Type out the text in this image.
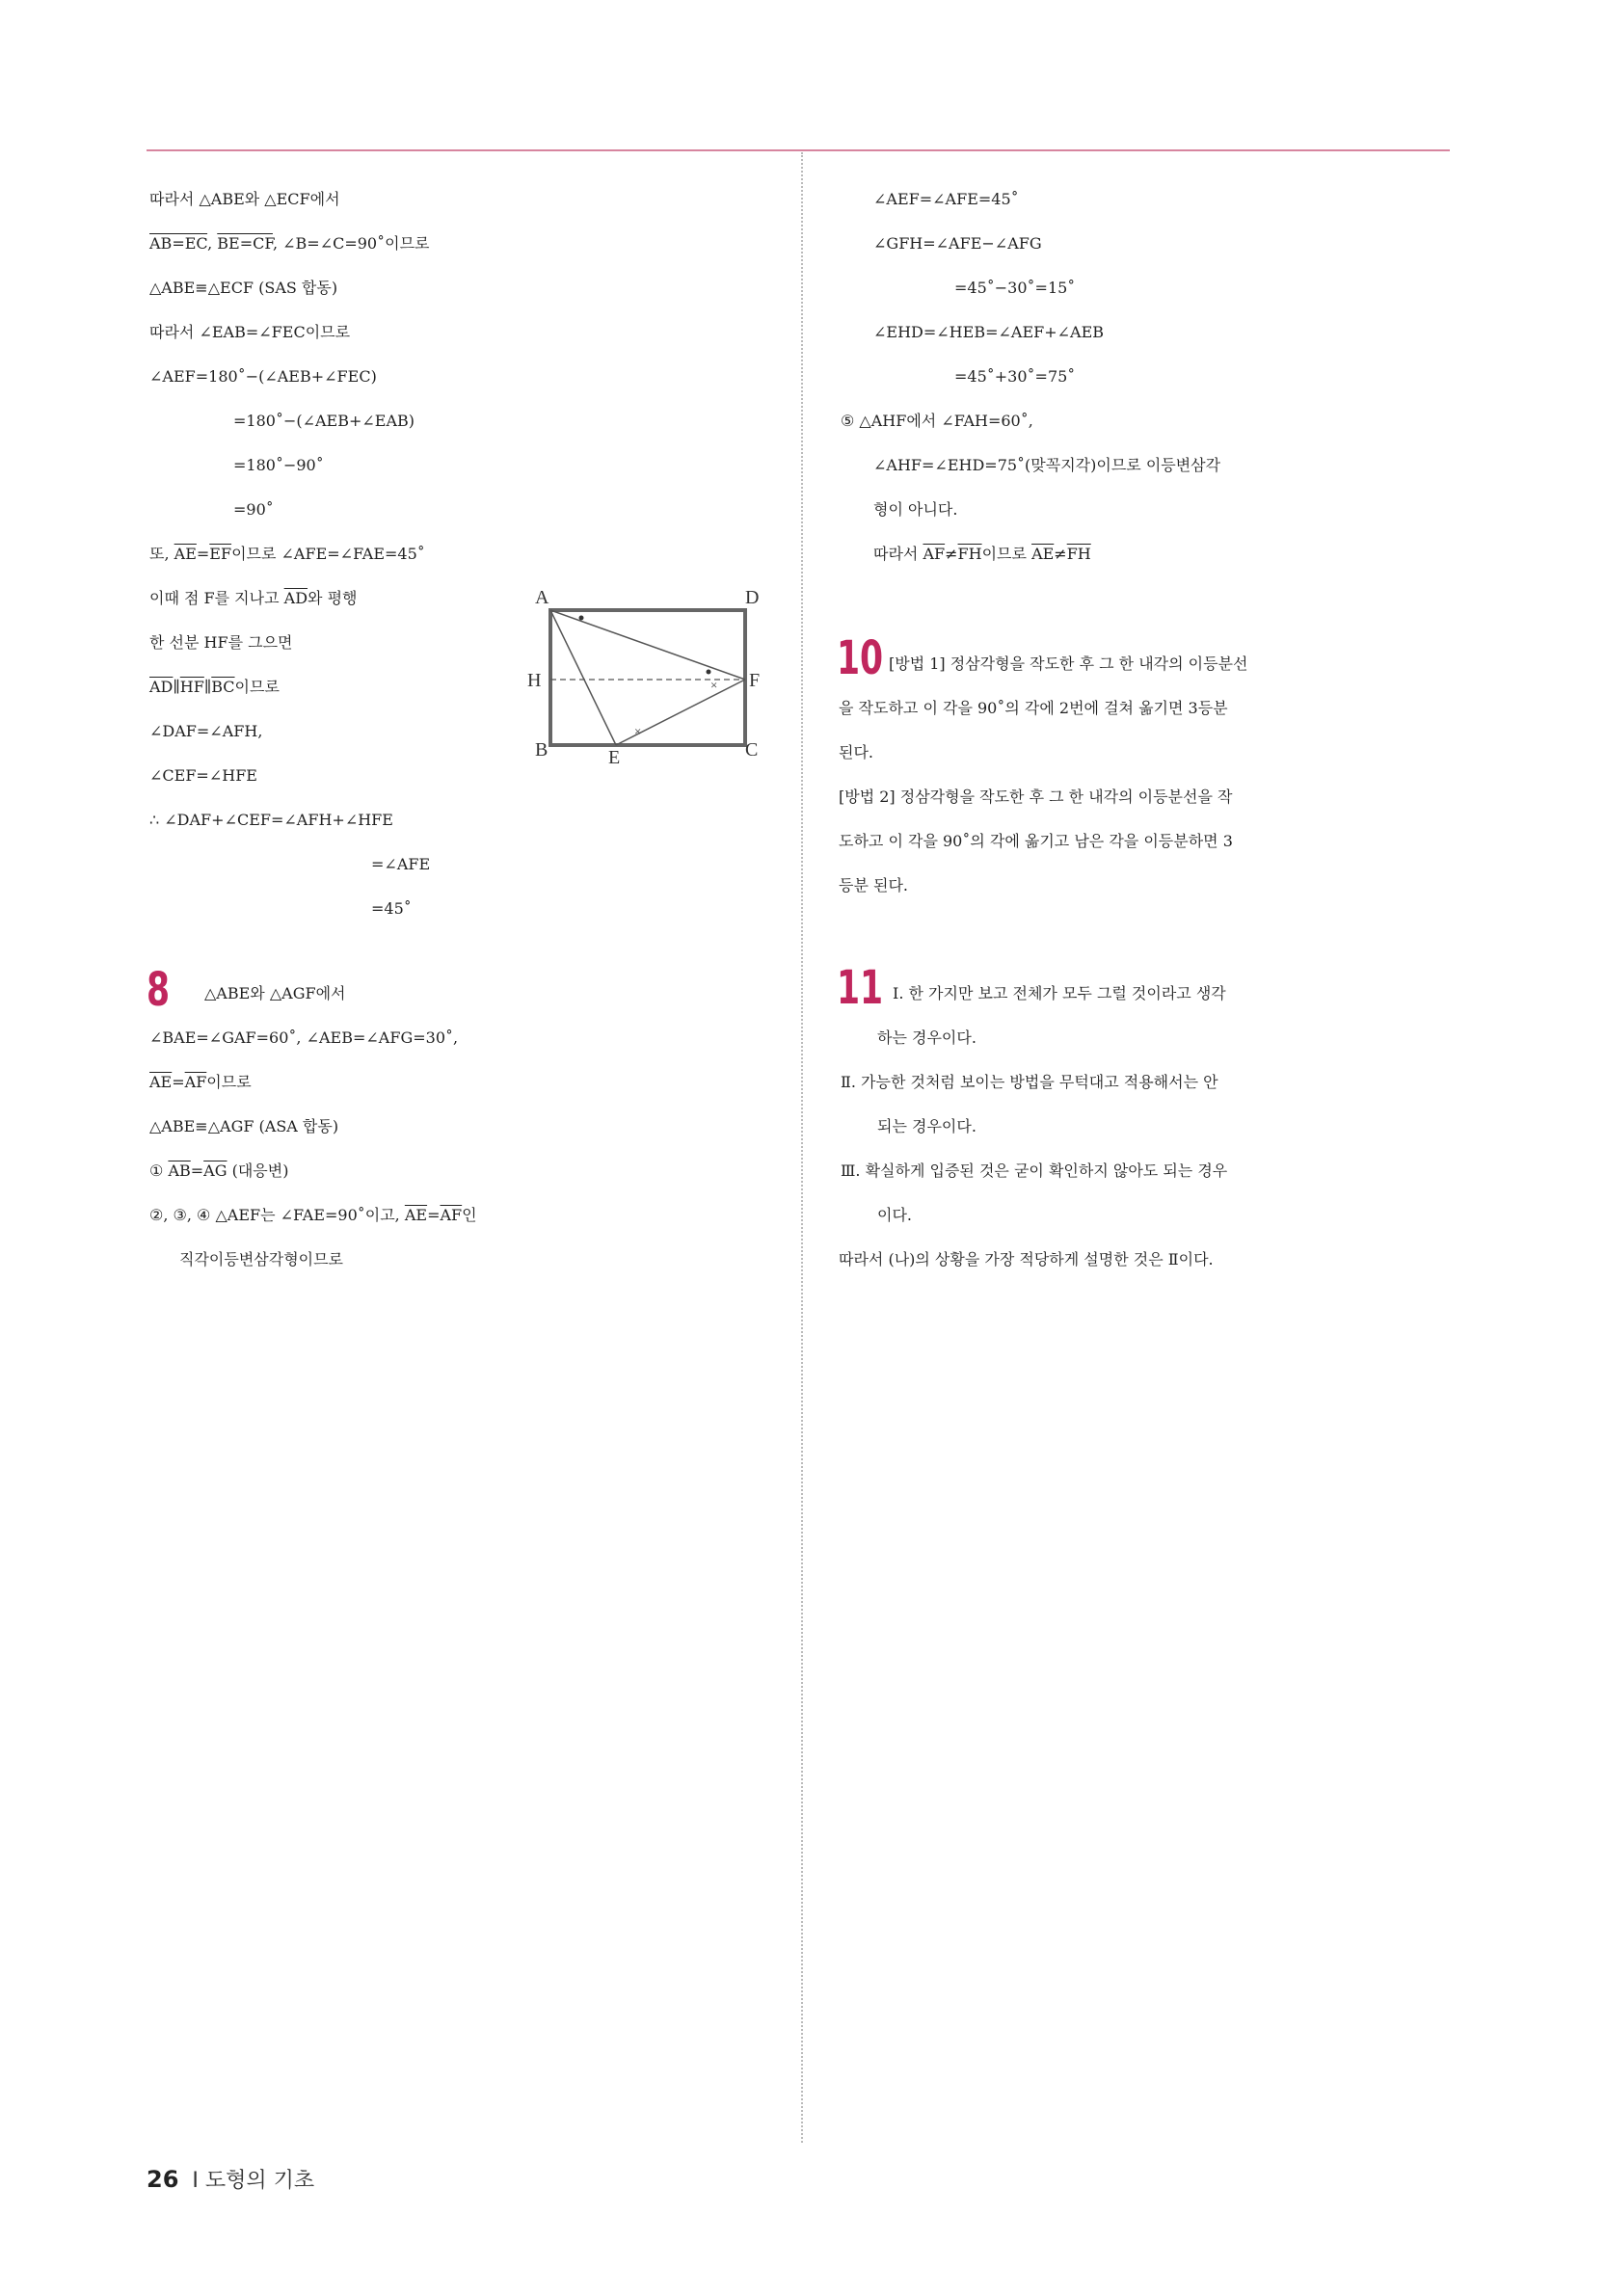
따라서 △ABE와 △ECF에서
AB=EC, BE=CF, ∠B=∠C=90˚이므로
△ABE≡△ECF (SAS 합동)
따라서 ∠EAB=∠FEC이므로
∠AEF=180˚−(∠AEB+∠FEC)
=180˚−(∠AEB+∠EAB)
=180˚−90˚
=90˚
또, $\overline{AE}=\overline{EF}$이므로 ∠AFE=∠FAE=45˚
이때 점 F를 지나고 $\overline{AD}$와 평행
한 선분 HF를 그으면
$\overline{AD}\parallel\overline{HF}\parallel\overline{BC}$이므로
∠DAF=∠AFH,
∠CEF=∠HFE
∴ ∠DAF+∠CEF=∠AFH+∠HFE
=∠AFE
=45˚
×
×
A	D
H	F
B	E	C
8 △ABE와 △AGF에서
∠BAE=∠GAF=60˚, ∠AEB=∠AFG=30˚,
$\overline{AE}=\overline{AF}$이므로
△ABE≡△AGF (ASA 합동)
① $\overline{AB}=\overline{AG}$ (대응변)
②, ③, ④ △AEF는 ∠FAE=90˚이고, $\overline{AE}=\overline{AF}$인
직각이등변삼각형이므로
∠AEF=∠AFE=45˚
∠GFH=∠AFE−∠AFG
=45˚−30˚=15˚
∠EHD=∠HEB=∠AEF+∠AEB
=45˚+30˚=75˚
⑤ △AHF에서 ∠FAH=60˚,
∠AHF=∠EHD=75˚(맞꼭지각)이므로 이등변삼각
형이 아니다.
따라서 $\overline{AF}\ne\overline{FH}$이므로 $\overline{AE}\ne\overline{FH}$
10 [방법 1] 정삼각형을 작도한 후 그 한 내각의 이등분선
을 작도하고 이 각을 90˚의 각에 2번에 걸쳐 옮기면 3등분
된다.
[방법 2] 정삼각형을 작도한 후 그 한 내각의 이등분선을 작
도하고 이 각을 90˚의 각에 옮기고 남은 각을 이등분하면 3
등분 된다.
11 Ⅰ. 한 가지만 보고 전체가 모두 그럴 것이라고 생각
하는 경우이다.
Ⅱ. 가능한 것처럼 보이는 방법을 무턱대고 적용해서는 안
되는 경우이다.
Ⅲ. 확실하게 입증된 것은 굳이 확인하지 않아도 되는 경우
이다.
따라서 (나)의 상황을 가장 적당하게 설명한 것은 Ⅱ이다.
26 Ⅰ 도형의 기초
